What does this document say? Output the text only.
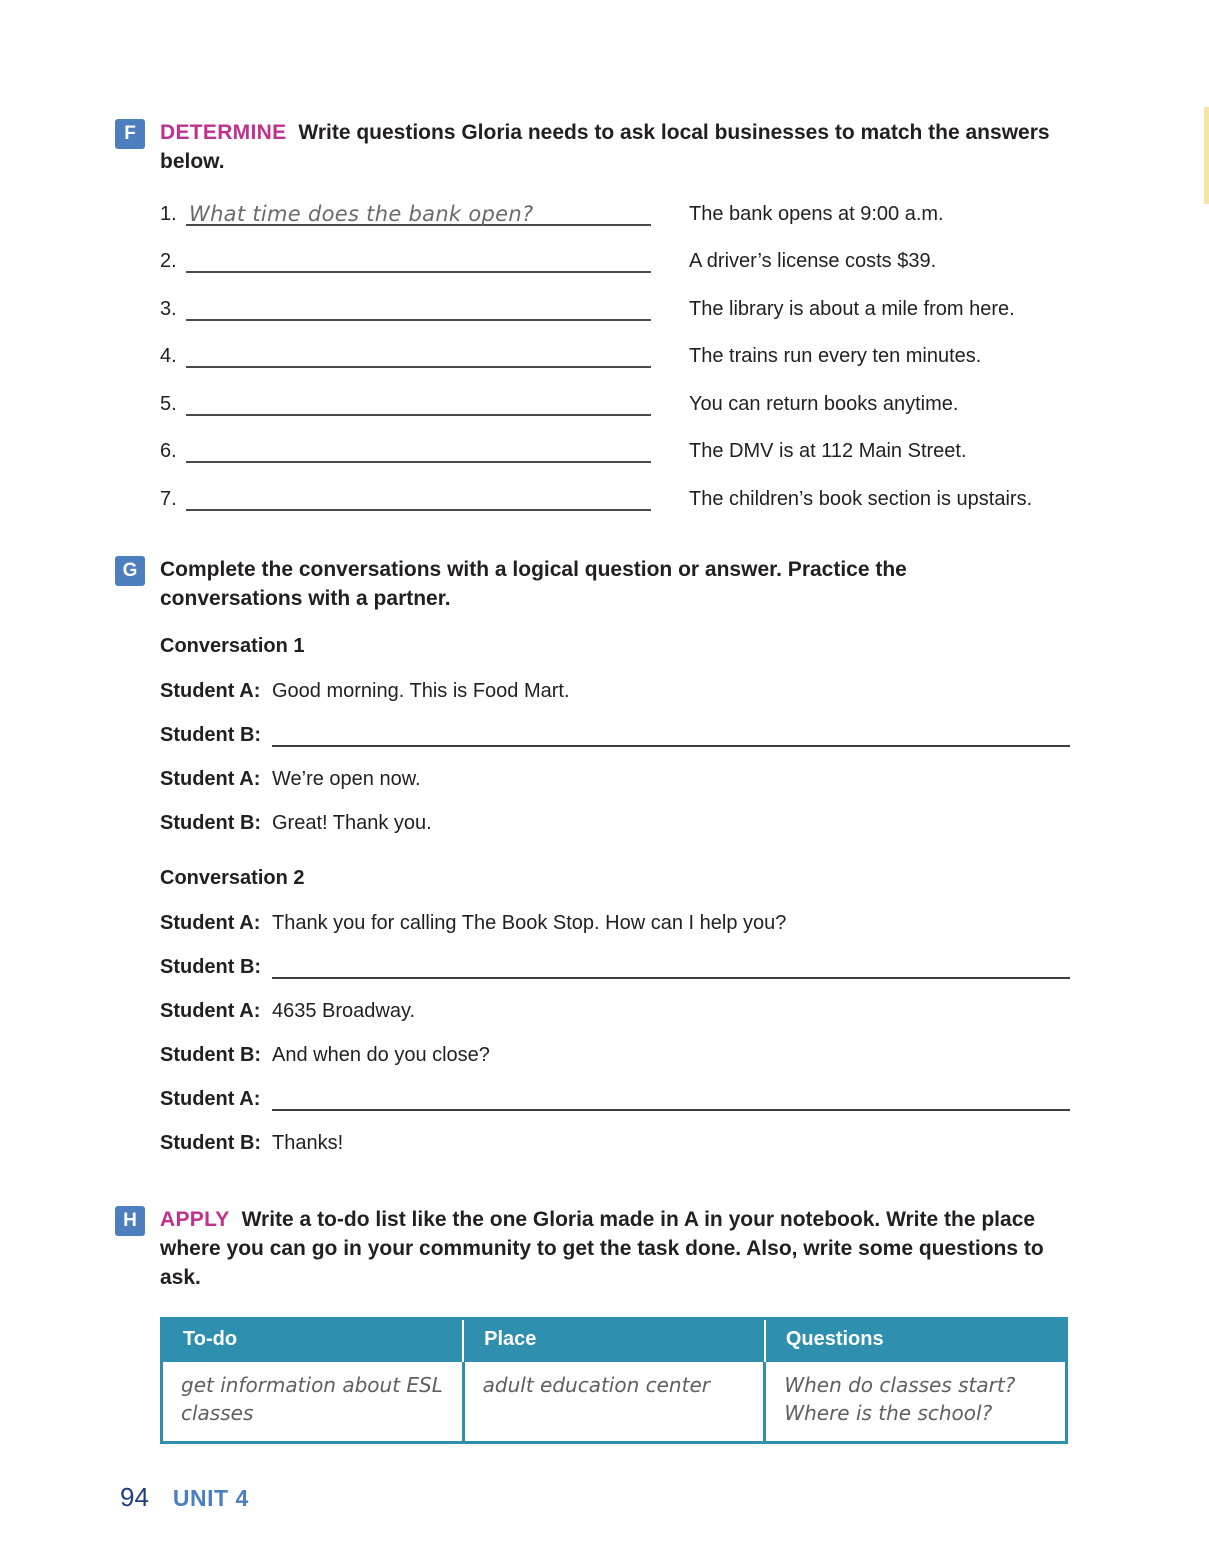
F	DETERMINE Write questions Gloria needs to ask local businesses to match the answers below.
1. What time does the bank open?	The bank opens at 9:00 a.m.
2.	A driver’s license costs $39.
3.	The library is about a mile from here.
4.	The trains run every ten minutes.
5.	You can return books anytime.
6.	The DMV is at 112 Main Street.
7.	The children’s book section is upstairs.
G	Complete the conversations with a logical question or answer. Practice the conversations with a partner.
Conversation 1
Student A: Good morning. This is Food Mart.
Student B:
Student A: We’re open now.
Student B: Great! Thank you.
Conversation 2
Student A: Thank you for calling The Book Stop. How can I help you?
Student B:
Student A: 4635 Broadway.
Student B: And when do you close?
Student A:
Student B: Thanks!
H	APPLY Write a to-do list like the one Gloria made in A in your notebook. Write the place where you can go in your community to get the task done. Also, write some questions to ask.
To-do	Place	Questions

get information about ESL classes	adult education center	When do classes start?
Where is the school?
94 UNIT 4
